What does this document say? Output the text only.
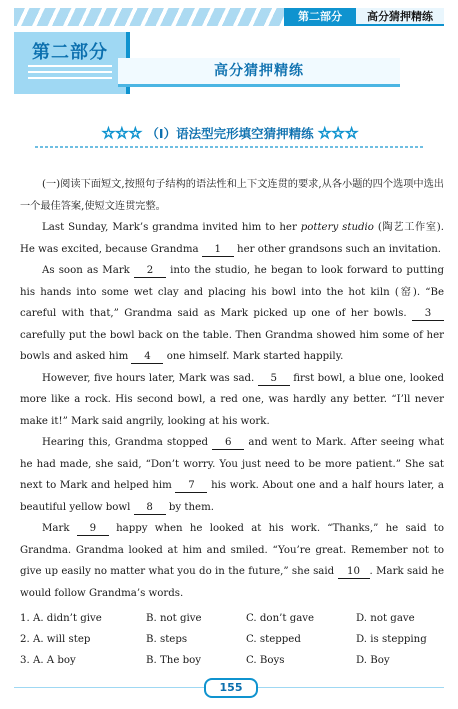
第二部分	高分猜押精练
第二部分
高分猜押精练
☆☆☆ （Ⅰ）语法型完形填空猜押精练 ☆☆☆

(一)阅读下面短文,按照句子结构的语法性和上下文连贯的要求,从各小题的四个选项中选出一个最佳答案,使短文连贯完整。

Last Sunday, Mark’s grandma invited him to her pottery studio (陶艺工作室). He was excited, because Grandma 1 her other grandsons such an invitation.

As soon as Mark 2 into the studio, he began to look forward to putting his hands into some wet clay and placing his bowl into the hot kiln (窑). “Be careful with that,” Grandma said as Mark picked up one of her bowls. 3 carefully put the bowl back on the table. Then Grandma showed him some of her bowls and asked him 4 one himself. Mark started happily.

However, five hours later, Mark was sad. 5 first bowl, a blue one, looked more like a rock. His second bowl, a red one, was hardly any better. “I’ll never make it!” Mark said angrily, looking at his work.

Hearing this, Grandma stopped 6 and went to Mark. After seeing what he had made, she said, “Don’t worry. You just need to be more patient.” She sat next to Mark and helped him 7 his work. About one and a half hours later, a beautiful yellow bowl 8 by them.

Mark 9 happy when he looked at his work. “Thanks,” he said to Grandma. Grandma looked at him and smiled. “You’re great. Remember not to give up easily no matter what you do in the future,” she said 10 . Mark said he would follow Grandma’s words.

1. A. didn’t give	B. not give	C. don’t gave	D. not gave
2. A. will step	B. steps	C. stepped	D. is stepping
3. A. A boy	B. The boy	C. Boys	D. Boy
155
